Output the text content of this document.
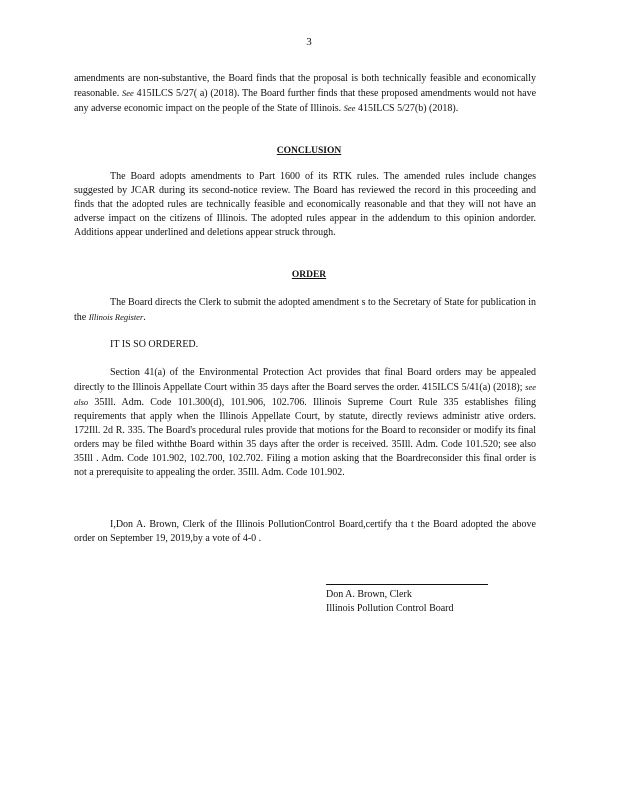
3

amendments are non-substantive, the Board finds that the proposal is both technically feasible and economically reasonable. See 415ILCS 5/27( a) (2018). The Board further finds that these proposed amendments would not have any adverse economic impact on the people of the State of Illinois. See 415ILCS 5/27(b) (2018).

CONCLUSION

The Board adopts amendments to Part 1600 of its RTK rules. The amended rules include changes suggested by JCAR during its second-notice review. The Board has reviewed the record in this proceeding and finds that the adopted rules are technically feasible and economically reasonable and that they will not have an adverse impact on the citizens of Illinois. The adopted rules appear in the addendum to this opinion andorder. Additions appear underlined and deletions appear struck through.

ORDER

The Board directs the Clerk to submit the adopted amendment s to the Secretary of State for publication in the Illinois Register.

IT IS SO ORDERED.

Section 41(a) of the Environmental Protection Act provides that final Board orders may be appealed directly to the Illinois Appellate Court within 35 days after the Board serves the order. 415ILCS 5/41(a) (2018); see also 35Ill. Adm. Code 101.300(d), 101.906, 102.706. Illinois Supreme Court Rule 335 establishes filing requirements that apply when the Illinois Appellate Court, by statute, directly reviews administr ative orders. 172Ill. 2d R. 335. The Board's procedural rules provide that motions for the Board to reconsider or modify its final orders may be filed withthe Board within 35 days after the order is received. 35Ill. Adm. Code 101.520; see also 35Ill . Adm. Code 101.902, 102.700, 102.702. Filing a motion asking that the Boardreconsider this final order is not a prerequisite to appealing the order. 35Ill. Adm. Code 101.902.

I,Don A. Brown, Clerk of the Illinois PollutionControl Board,certify tha t the Board adopted the above order on September 19, 2019,by a vote of 4-0 .

Don A. Brown, Clerk
Illinois Pollution Control Board
